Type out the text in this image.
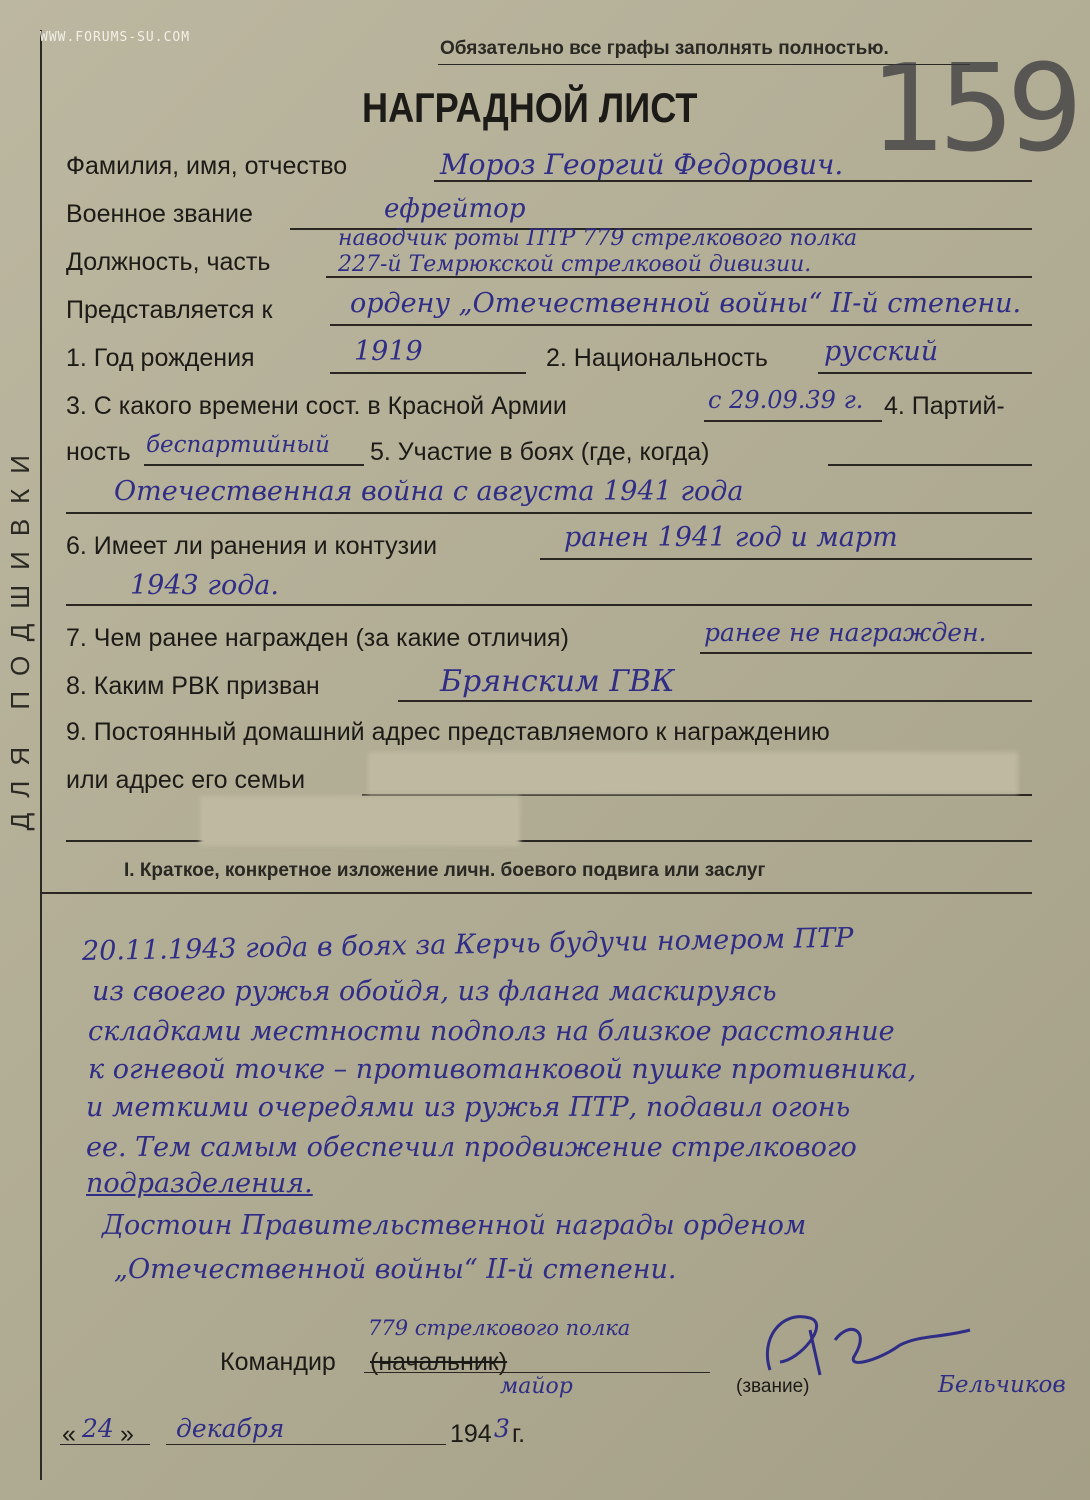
ДЛЯ ПОДШИВКИ
WWW.FORUMS-SU.COM
Обязательно все графы заполнять полностью.
159
НАГРАДНОЙ ЛИСТ
Фамилия, имя, отчество	Мороз Георгий Федорович.
Военное звание	ефрейтор
Должность, часть
наводчик роты ПТР 779 стрелкового полка
227-й Темрюкской стрелковой дивизии.
Представляется к	ордену „Отечественной войны“ II-й степени.
1. Год рождения	1919	2. Национальность русский
3. С какого времени сост. в Красной Армии	с 29.09.39 г. 4. Партий-
ность беспартийный 5. Участие в боях (где, когда)
Отечественная война с августа 1941 года
6. Имеет ли ранения и контузии	ранен 1941 год и март
1943 года.
7. Чем ранее награжден (за какие отличия)	ранее не награжден.
8. Каким РВК призван	Брянским ГВК
9. Постоянный домашний адрес представляемого к награждению
или адрес его семьи
I. Краткое, конкретное изложение личн. боевого подвига или заслуг
20.11.1943 года в боях за Керчь будучи номером ПТР
из своего ружья обойдя, из фланга маскируясь
складками местности подполз на близкое расстояние
к огневой точке – противотанковой пушке противника,
и меткими очередями из ружья ПТР, подавил огонь
ее. Тем самым обеспечил продвижение стрелкового
подразделения.
Достоин Правительственной награды орденом
„Отечественной войны“ II-й степени.
779 стрелкового полка
Командир (начальник)
майор	(звание)	Бельчиков
« 24 » декабря	194 3 г.
